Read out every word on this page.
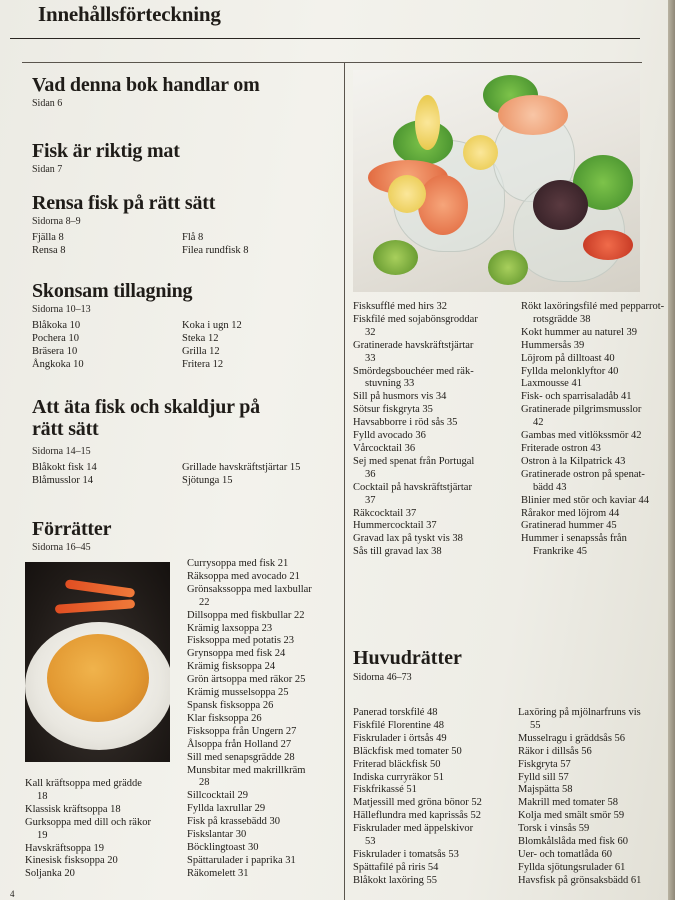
Innehållsförteckning
Vad denna bok handlar om
Sidan 6
Fisk är riktig mat
Sidan 7
Rensa fisk på rätt sätt
Sidorna 8–9
Fjälla 8
Rensa 8
Flå 8
Filea rundfisk 8
Skonsam tillagning
Sidorna 10–13
Blåkoka 10
Pochera 10
Bräsera 10
Ångkoka 10
Koka i ugn 12
Steka 12
Grilla 12
Fritera 12
Att äta fisk och skaldjur på
rätt sätt
Sidorna 14–15
Blåkokt fisk 14
Blåmusslor 14
Grillade havskräftstjärtar 15
Sjötunga 15
Förrätter
Sidorna 16–45
Kall kräftsoppa med grädde
18
Klassisk kräftsoppa 18
Gurksoppa med dill och räkor
19
Havskräftsoppa 19
Kinesisk fisksoppa 20
Soljanka 20
Currysoppa med fisk 21
Räksoppa med avocado 21
Grönsakssoppa med laxbullar
22
Dillsoppa med fiskbullar 22
Krämig laxsoppa 23
Fisksoppa med potatis 23
Grynsoppa med fisk 24
Krämig fisksoppa 24
Grön ärtsoppa med räkor 25
Krämig musselsoppa 25
Spansk fisksoppa 26
Klar fisksoppa 26
Fisksoppa från Ungern 27
Ålsoppa från Holland 27
Sill med senapsgrädde 28
Munsbitar med makrillkräm
28
Sillcocktail 29
Fyllda laxrullar 29
Fisk på krassebädd 30
Fiskslantar 30
Böcklingtoast 30
Spättarulader i paprika 31
Räkomelett 31
Fisksufflé med hirs 32
Fiskfilé med sojabönsgroddar
32
Gratinerade havskräftstjärtar
33
Smördegsbouchéer med räk-
stuvning 33
Sill på husmors vis 34
Sötsur fiskgryta 35
Havsabborre i röd sås 35
Fylld avocado 36
Vårcocktail 36
Sej med spenat från Portugal
36
Cocktail på havskräftstjärtar
37
Räkcocktail 37
Hummercocktail 37
Gravad lax på tyskt vis 38
Sås till gravad lax 38
Rökt laxöringsfilé med pepparrot-
rotsgrädde 38
Kokt hummer au naturel 39
Hummersås 39
Löjrom på dilltoast 40
Fyllda melonklyftor 40
Laxmousse 41
Fisk- och sparrisaladåb 41
Gratinerade pilgrimsmusslor
42
Gambas med vitlökssmör 42
Friterade ostron 43
Ostron à la Kilpatrick 43
Gratinerade ostron på spenat-
bädd 43
Blinier med stör och kaviar 44
Rårakor med löjrom 44
Gratinerad hummer 45
Hummer i senapssås från
Frankrike 45
Huvudrätter
Sidorna 46–73
Panerad torskfilé 48
Fiskfilé Florentine 48
Fiskrulader i örtsås 49
Bläckfisk med tomater 50
Friterad bläckfisk 50
Indiska curryräkor 51
Fiskfrikassé 51
Matjessill med gröna bönor 52
Hälleflundra med kaprissås 52
Fiskrulader med äppelskivor
53
Fiskrulader i tomatsås 53
Spättafilé på riris 54
Blåkokt laxöring 55
Laxöring på mjölnarfruns vis
55
Musselragu i gräddsås 56
Räkor i dillsås 56
Fiskgryta 57
Fylld sill 57
Majspätta 58
Makrill med tomater 58
Kolja med smält smör 59
Torsk i vinsås 59
Blomkålslåda med fisk 60
Uer- och tomatlåda 60
Fyllda sjötungsrulader 61
Havsfisk på grönsaksbädd 61
4
